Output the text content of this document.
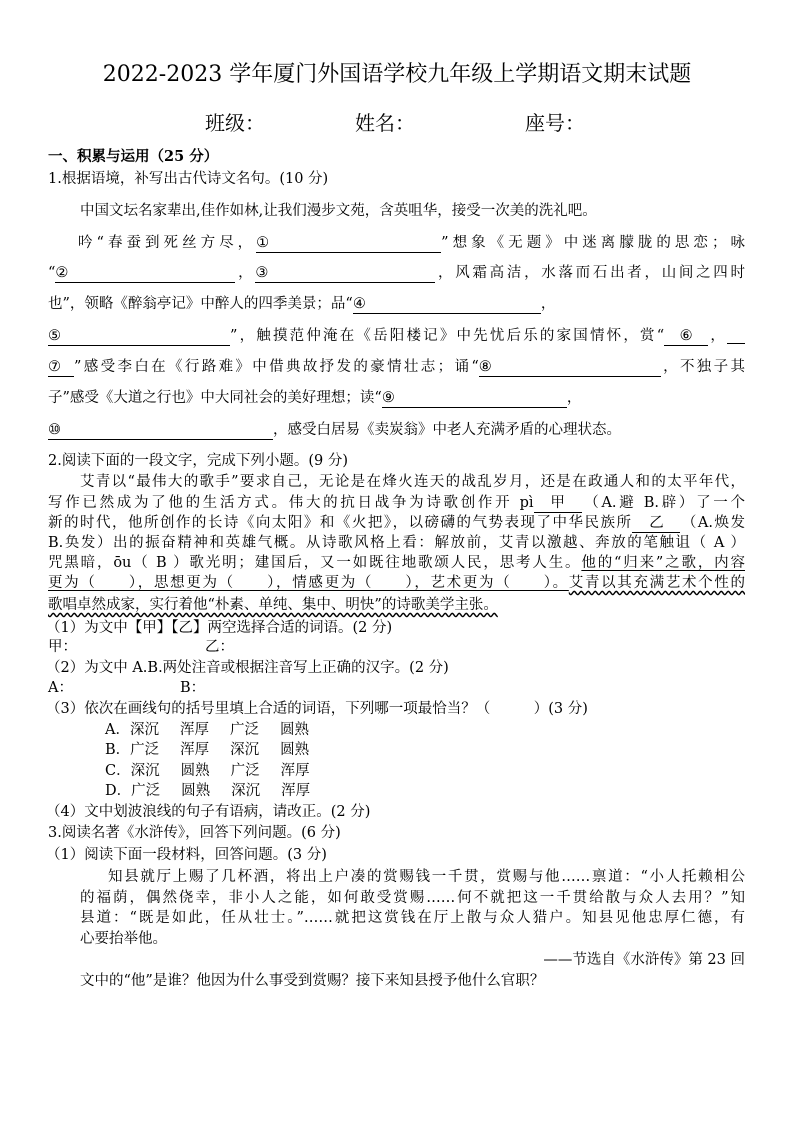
2022-2023 学年厦门外国语学校九年级上学期语文期末试题
班级：	姓名：	座号：
一、积累与运用（25 分）
1.根据语境，补写出古代诗文名句。(10 分)
中国文坛名家辈出,佳作如林,让我们漫步文苑，含英咀华，接受一次美的洗礼吧。
吟“春蚕到死丝方尽，①	”想象《无题》中迷离朦胧的思恋；咏
“②	，③	，风霜高洁，水落而石出者，山间之四时
也”，领略《醉翁亭记》中醉人的四季美景；品“④	，
⑤	”，触摸范仲淹在《岳阳楼记》中先忧后乐的家国情怀，赏“ ⑥ ，
⑦ ”感受李白在《行路难》中借典故抒发的豪情壮志；诵“⑧	，不独子其
子”感受《大道之行也》中大同社会的美好理想；读“⑨	，
⑩	，感受白居易《卖炭翁》中老人充满矛盾的心理状态。
2.阅读下面的一段文字，完成下列小题。(9 分)
艾青以“最伟大的歌手”要求自己，无论是在烽火连天的战乱岁月，还是在政通人和的太平年代，
写作已然成为了他的生活方式。伟大的抗日战争为诗歌创作开 pì 甲 （A.避 B.辟）了一个
新的时代，他所创作的长诗《向太阳》和《火把》，以磅礴的气势表现了中华民族所 乙 （A.焕发
B.奂发）出的振奋精神和英雄气概。从诗歌风格上看：解放前，艾青以激越、奔放的笔触诅（ A ）
咒黑暗，ōu（ B ）歌光明；建国后，又一如既往地歌颂人民，思考人生。他的“归来”之歌，内容
更为（　　），思想更为（　　），情感更为（　　），艺术更为（　　）。艾青以其充满艺术个性的
歌唱卓然成家，实行着他“朴素、单纯、集中、明快”的诗歌美学主张。
（1）为文中【甲】【乙】两空选择合适的词语。(2 分)
甲：	乙：
（2）为文中 A.B.两处注音或根据注音写上正确的汉字。(2 分)
A：	B：
（3）依次在画线句的括号里填上合适的词语，下列哪一项最恰当？（　　　）(3 分)
A．深沉 浑厚 广泛 圆熟
B．广泛 浑厚 深沉 圆熟
C．深沉 圆熟 广泛 浑厚
D．广泛 圆熟 深沉 浑厚
（4）文中划波浪线的句子有语病，请改正。(2 分)
3.阅读名著《水浒传》，回答下列问题。(6 分)
（1）阅读下面一段材料，回答问题。(3 分)
知县就厅上赐了几杯酒，将出上户凑的赏赐钱一千贯，赏赐与他……禀道：“小人托赖相公
的福荫，偶然侥幸，非小人之能，如何敢受赏赐……何不就把这一千贯给散与众人去用？”知
县道：“既是如此，任从壮士。”……就把这赏钱在厅上散与众人猎户。知县见他忠厚仁德，有
心要抬举他。
——节选自《水浒传》第 23 回
文中的“他”是谁？他因为什么事受到赏赐？接下来知县授予他什么官职？
